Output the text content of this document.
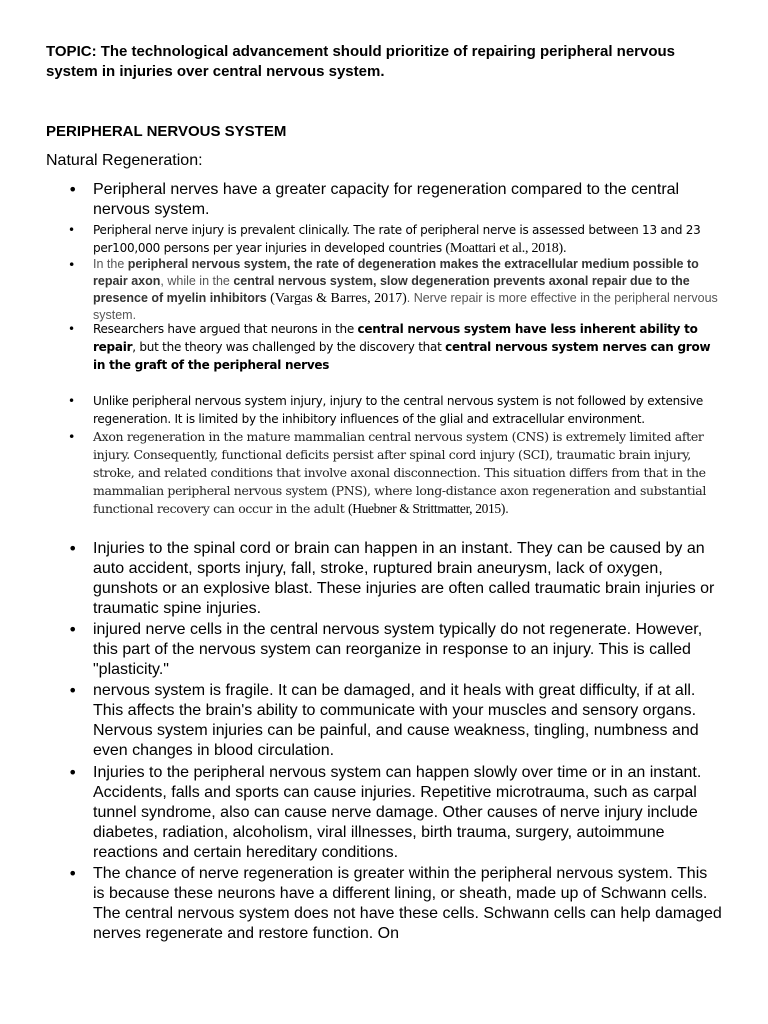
TOPIC: The technological advancement should prioritize of repairing peripheral nervous system in injuries over central nervous system.
PERIPHERAL NERVOUS SYSTEM
Natural Regeneration:
• Peripheral nerves have a greater capacity for regeneration compared to the central nervous system.
• Peripheral nerve injury is prevalent clinically. The rate of peripheral nerve is assessed between 13 and 23 per100,000 persons per year injuries in developed countries (Moattari et al., 2018).
• In the peripheral nervous system, the rate of degeneration makes the extracellular medium possible to repair axon, while in the central nervous system, slow degeneration prevents axonal repair due to the presence of myelin inhibitors (Vargas & Barres, 2017). Nerve repair is more effective in the peripheral nervous system.
• Researchers have argued that neurons in the central nervous system have less inherent ability to repair, but the theory was challenged by the discovery that central nervous system nerves can grow in the graft of the peripheral nerves
• Unlike peripheral nervous system injury, injury to the central nervous system is not followed by extensive regeneration. It is limited by the inhibitory influences of the glial and extracellular environment.
• Axon regeneration in the mature mammalian central nervous system (CNS) is extremely limited after injury. Consequently, functional deficits persist after spinal cord injury (SCI), traumatic brain injury, stroke, and related conditions that involve axonal disconnection. This situation differs from that in the mammalian peripheral nervous system (PNS), where long-distance axon regeneration and substantial functional recovery can occur in the adult (Huebner & Strittmatter, 2015).
• Injuries to the spinal cord or brain can happen in an instant. They can be caused by an auto accident, sports injury, fall, stroke, ruptured brain aneurysm, lack of oxygen, gunshots or an explosive blast. These injuries are often called traumatic brain injuries or traumatic spine injuries.
• injured nerve cells in the central nervous system typically do not regenerate. However, this part of the nervous system can reorganize in response to an injury. This is called "plasticity."
• nervous system is fragile. It can be damaged, and it heals with great difficulty, if at all. This affects the brain's ability to communicate with your muscles and sensory organs. Nervous system injuries can be painful, and cause weakness, tingling, numbness and even changes in blood circulation.
• Injuries to the peripheral nervous system can happen slowly over time or in an instant. Accidents, falls and sports can cause injuries. Repetitive microtrauma, such as carpal tunnel syndrome, also can cause nerve damage. Other causes of nerve injury include diabetes, radiation, alcoholism, viral illnesses, birth trauma, surgery, autoimmune reactions and certain hereditary conditions.
• The chance of nerve regeneration is greater within the peripheral nervous system. This is because these neurons have a different lining, or sheath, made up of Schwann cells. The central nervous system does not have these cells. Schwann cells can help damaged nerves regenerate and restore function. On
